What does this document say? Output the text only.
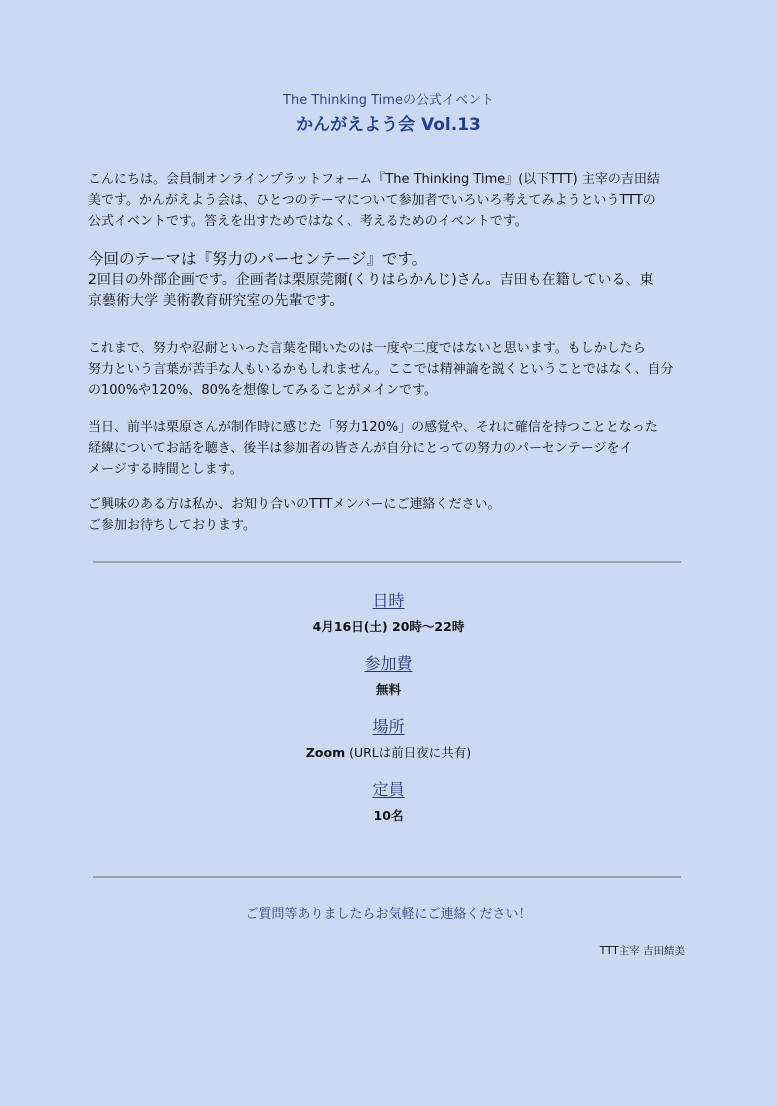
The Thinking Timeの公式イベント
かんがえよう会 Vol.13

こんにちは。会員制オンラインプラットフォーム『The Thinking Time』(以下TTT) 主宰の吉田結

美です。かんがえよう会は、ひとつのテーマについて参加者でいろいろ考えてみようというTTTの

公式イベントです。答えを出すためではなく、考えるためのイベントです。

今回のテーマは『努力のパーセンテージ』です。

2回目の外部企画です。企画者は栗原莞爾(くりはらかんじ)さん。吉田も在籍している、東

京藝術大学 美術教育研究室の先輩です。

これまで、努力や忍耐といった言葉を聞いたのは一度や二度ではないと思います。もしかしたら

努力という言葉が苦手な人もいるかもしれません。ここでは精神論を説くということではなく、自分

の100%や120%、80%を想像してみることがメインです。

当日、前半は栗原さんが制作時に感じた「努力120%」の感覚や、それに確信を持つこととなった

経緯についてお話を聴き、後半は参加者の皆さんが自分にとっての努力のパーセンテージをイ

メージする時間とします。

ご興味のある方は私か、お知り合いのTTTメンバーにご連絡ください。

ご参加お待ちしております。

日時
4月16日(土) 20時〜22時
参加費
無料
場所
Zoom (URLは前日夜に共有)
定員
10名
ご質問等ありましたらお気軽にご連絡ください！
TTT主宰 吉田結美
